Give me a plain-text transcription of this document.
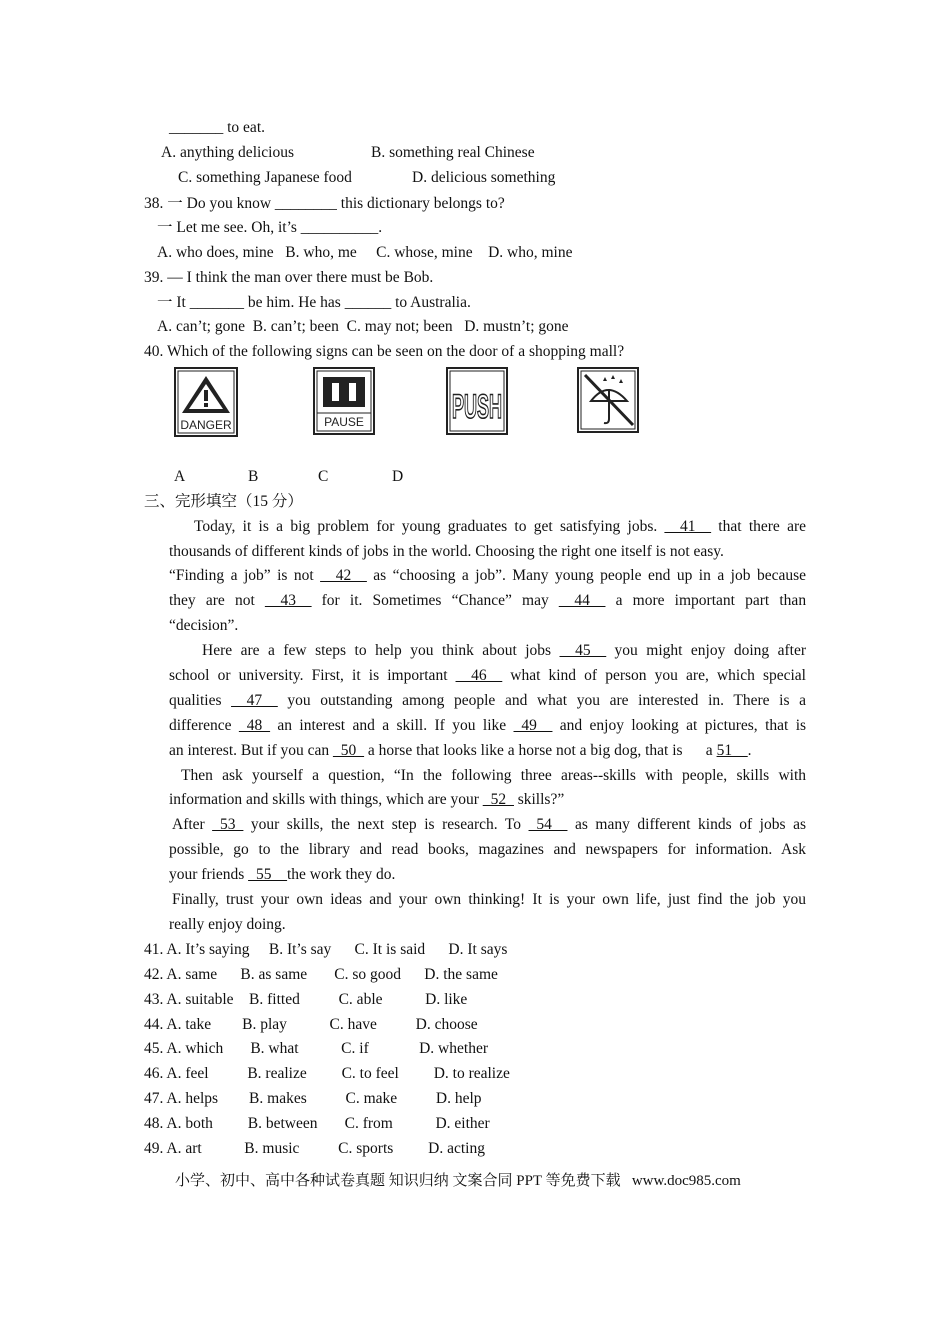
_______ to eat.
A. anything delicious	B. something real Chinese
C. something Japanese food	D. delicious something
38. 一 Do you know ________ this dictionary belongs to?
一 Let me see. Oh, it’s __________.
A. who does, mine   B. who, me     C. whose, mine    D. who, mine
39. — I think the man over there must be Bob.
一 It _______ be him. He has ______ to Australia.
A. can’t; gone  B. can’t; been  C. may not; been   D. mustn’t; gone
40. Which of the following signs can be seen on the door of a shopping mall?
DANGER	PAUSE	PUSH
A	B	C	D
三、完形填空（15 分）
Today, it is a big problem for young graduates to get satisfying jobs. __41__ that there are
thousands of different kinds of jobs in the world. Choosing the right one itself is not easy.
“Finding a job” is not __42__ as “choosing a job”. Many young people end up in a job because
they are not __43__ for it. Sometimes “Chance” may __44__ a more important part than
“decision”.
Here are a few steps to help you think about jobs __45__ you might enjoy doing after
school or university. First, it is important __46__ what kind of person you are, which special
qualities __47__ you outstanding among people and what you are interested in. There is a
difference _48_ an interest and a skill. If you like _49__ and enjoy looking at pictures, that is
an interest. But if you can _50_ a horse that looks like a horse not a big dog, that is      a 51__.
Then ask yourself a question, “In the following three areas--skills with people, skills with
information and skills with things, which are your _52_ skills?”
After _53_ your skills, the next step is research. To _54__ as many different kinds of jobs as
possible, go to the library and read books, magazines and newspapers for information. Ask
your friends _55__the work they do.
Finally, trust your own ideas and your own thinking! It is your own life, just find the job you
really enjoy doing.
41. A. It’s saying     B. It’s say      C. It is said      D. It says
42. A. same      B. as same       C. so good      D. the same
43. A. suitable    B. fitted          C. able           D. like
44. A. take        B. play           C. have          D. choose
45. A. which       B. what           C. if             D. whether
46. A. feel          B. realize         C. to feel         D. to realize
47. A. helps        B. makes          C. make          D. help
48. A. both         B. between       C. from           D. either
49. A. art           B. music          C. sports         D. acting
小学、初中、高中各种试卷真题 知识归纳 文案合同 PPT 等免费下载   www.doc985.com
